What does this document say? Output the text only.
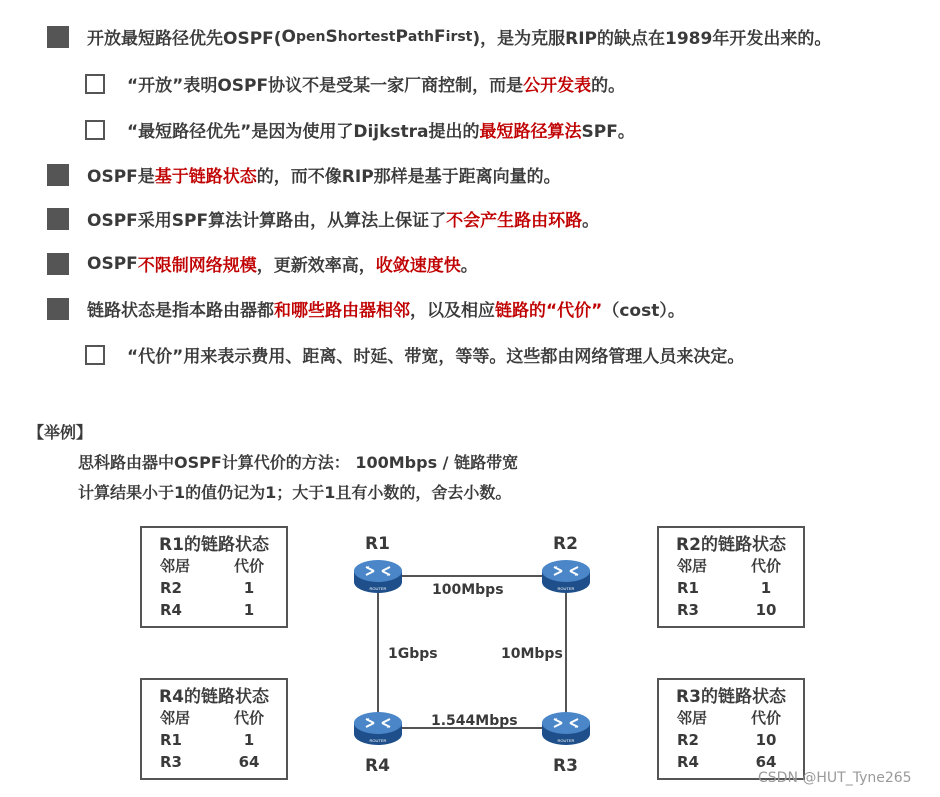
开放最短路径优先OSPF( O pen S hortest P ath F irst )，是为克服RIP的缺点在1989年开发出来的。
“开放”表明OSPF协议不是受某一家厂商控制，而是 公开发表 的。
“最短路径优先”是因为使用了Dijkstra提出的 最短路径算法 SPF。
OSPF是 基于链路状态 的，而不像RIP那样是基于距离向量的。
OSPF采用SPF算法计算路由，从算法上保证了 不会产生路由环路 。
OSPF 不限制网络规模 ，更新效率高， 收敛速度快 。
链路状态是指本路由器都 和哪些路由器相邻 ，以及相应 链路的“代价” （cost）。
“代价”用来表示费用、距离、时延、带宽，等等。这些都由网络管理人员来决定。
【举例】
思科路由器中OSPF计算代价的方法： 100Mbps / 链路带宽
计算结果小于1的值仍记为1；大于1且有小数的，舍去小数。
R1的链路状态
邻居	代价
R2	1
R4	1
R2的链路状态
邻居	代价
R1	1
R3	10
R4的链路状态
邻居	代价
R1	1
R3	64
R3的链路状态
邻居	代价
R2	10
R4	64
100Mbps
1Gbps	10Mbps
1.544Mbps
R1	R2
R4	R3
ROUTER	ROUTER
ROUTER	ROUTER
CSDN @HUT_Tyne265
